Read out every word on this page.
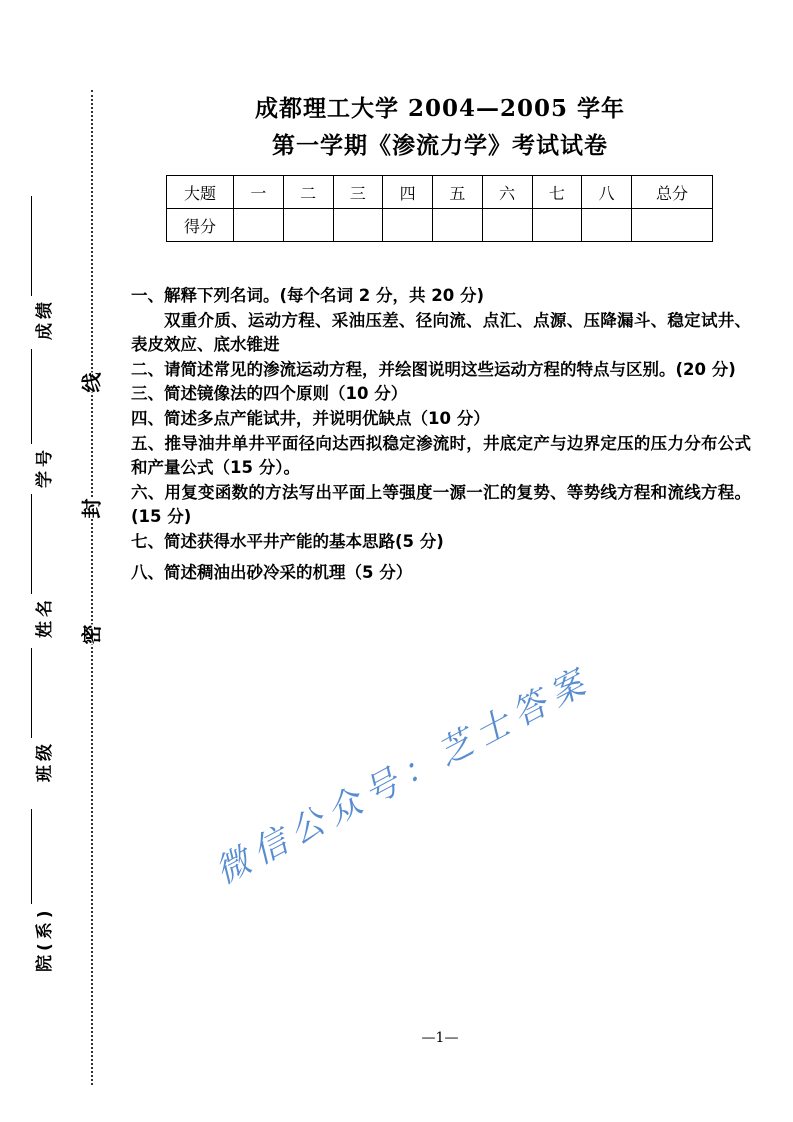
密
封
线
院(系)
班级
姓名
学号
成绩
成都理工大学 2004—2005 学年
第一学期《渗流力学》考试试卷
大题	一	二	三	四	五	六	七	八	总分
得分									

一、解释下列名词。(每个名词 2 分，共 20 分)

双重介质、运动方程、采油压差、径向流、点汇、点源、压降漏斗、稳定试井、表皮效应、底水锥进

二、请简述常见的渗流运动方程，并绘图说明这些运动方程的特点与区别。(20 分)

三、简述镜像法的四个原则（10 分）

四、简述多点产能试井，并说明优缺点（10 分）

五、推导油井单井平面径向达西拟稳定渗流时，井底定产与边界定压的压力分布公式和产量公式（15 分）。

六、用复变函数的方法写出平面上等强度一源一汇的复势、等势线方程和流线方程。(15 分)

七、简述获得水平井产能的基本思路(5 分)

八、简述稠油出砂冷采的机理（5 分）

微信公众号：芝士答案
—1—
